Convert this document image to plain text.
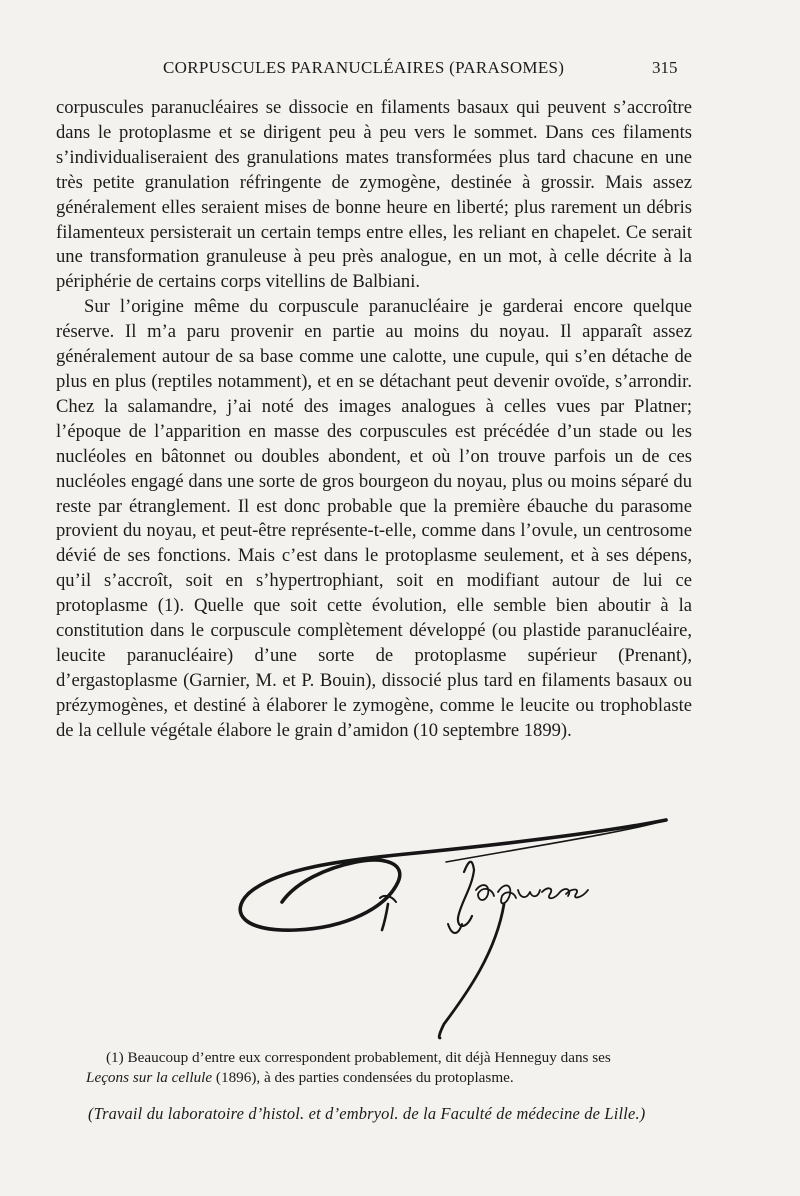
CORPUSCULES PARANUCLÉAIRES (PARASOMES)	315

corpuscules paranucléaires se dissocie en filaments basaux qui peuvent s’accroître dans le protoplasme et se dirigent peu à peu vers le sommet. Dans ces filaments s’individualiseraient des granulations mates transformées plus tard chacune en une très petite granulation réfringente de zymogène, destinée à grossir. Mais assez généralement elles seraient mises de bonne heure en liberté; plus rarement un débris filamenteux persisterait un certain temps entre elles, les reliant en chapelet. Ce serait une transformation granuleuse à peu près analogue, en un mot, à celle décrite à la périphérie de certains corps vitellins de Balbiani.

Sur l’origine même du corpuscule paranucléaire je garderai encore quelque réserve. Il m’a paru provenir en partie au moins du noyau. Il apparaît assez généralement autour de sa base comme une calotte, une cupule, qui s’en détache de plus en plus (reptiles notamment), et en se détachant peut devenir ovoïde, s’arrondir. Chez la salamandre, j’ai noté des images analogues à celles vues par Platner; l’époque de l’apparition en masse des corpuscules est précédée d’un stade ou les nucléoles en bâtonnet ou doubles abondent, et où l’on trouve parfois un de ces nucléoles engagé dans une sorte de gros bourgeon du noyau, plus ou moins séparé du reste par étranglement. Il est donc probable que la première ébauche du parasome provient du noyau, et peut-être représente-t-elle, comme dans l’ovule, un centrosome dévié de ses fonctions. Mais c’est dans le protoplasme seulement, et à ses dépens, qu’il s’accroît, soit en s’hypertrophiant, soit en modifiant autour de lui ce protoplasme (1). Quelle que soit cette évolution, elle semble bien aboutir à la constitution dans le corpuscule complètement développé (ou plastide paranucléaire, leucite paranucléaire) d’une sorte de protoplasme supérieur (Prenant), d’ergastoplasme (Garnier, M. et P. Bouin), dissocié plus tard en filaments basaux ou prézymogènes, et destiné à élaborer le zymogène, comme le leucite ou trophoblaste de la cellule végétale élabore le grain d’amidon (10 septembre 1899).

(1) Beaucoup d’entre eux correspondent probablement, dit déjà Henneguy dans ses
Leçons sur la cellule (1896), à des parties condensées du protoplasme.
(Travail du laboratoire d’histol. et d’embryol. de la Faculté de médecine de Lille.)
